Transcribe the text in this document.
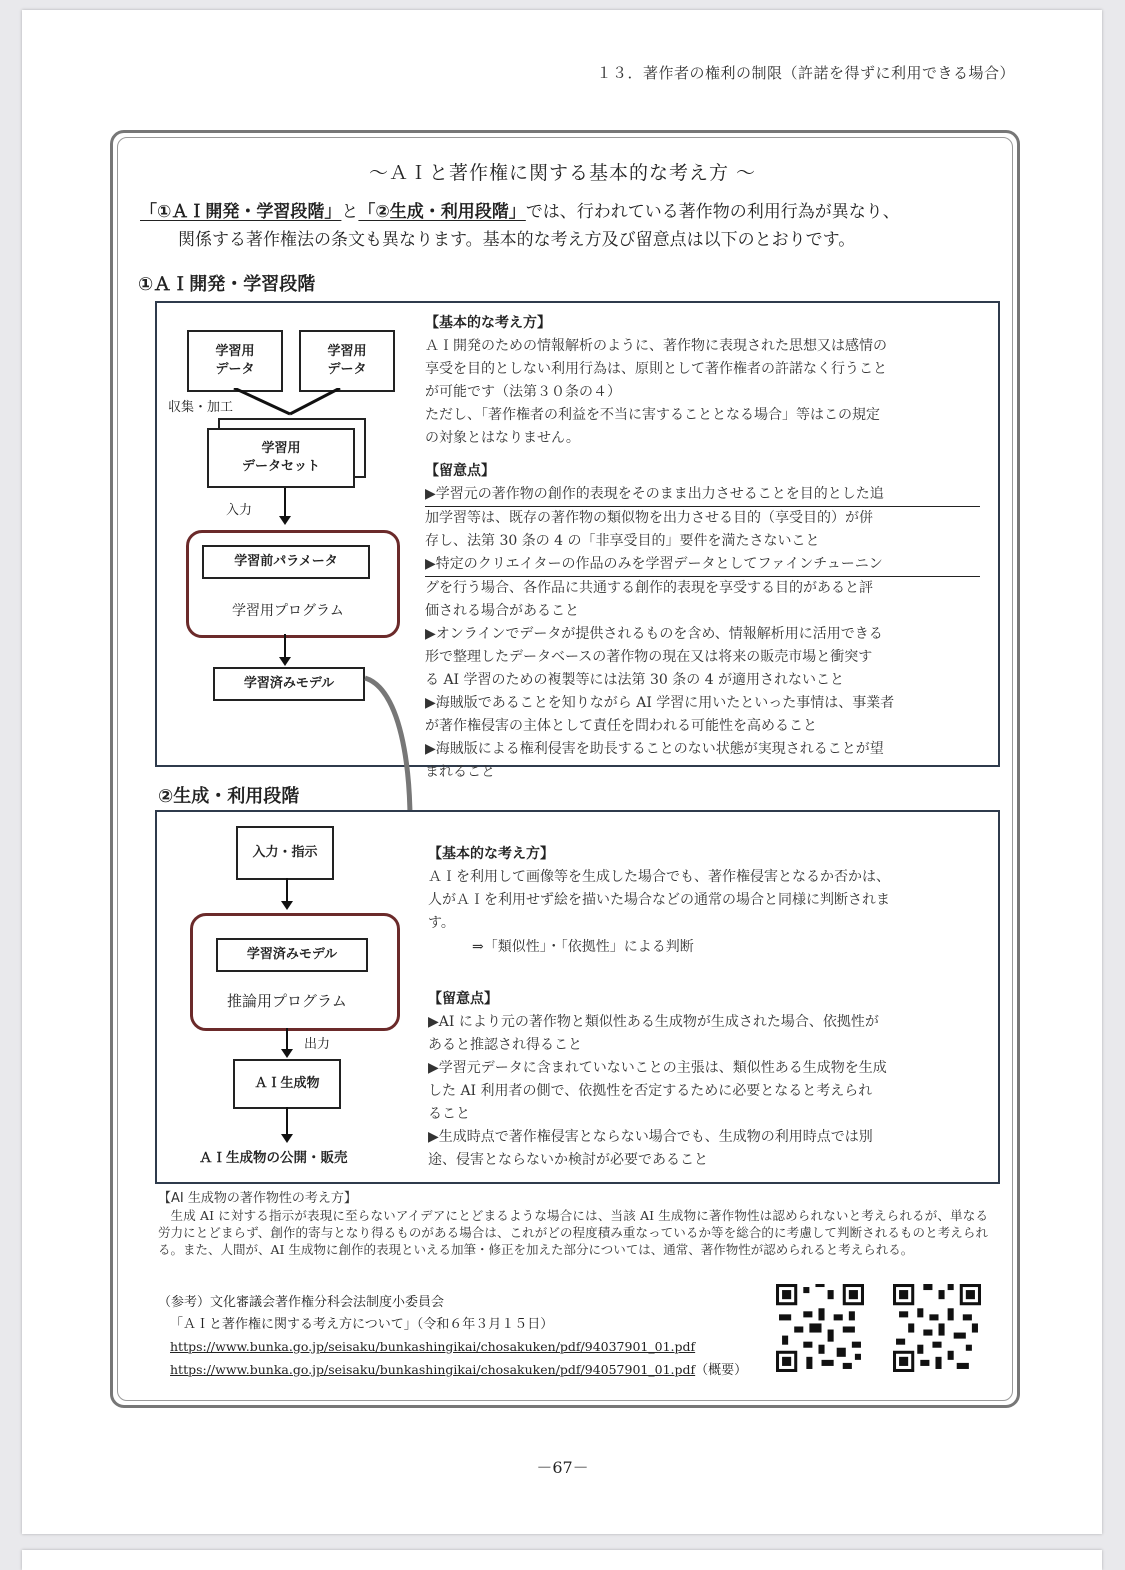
１３．著作者の権利の制限（許諾を得ずに利用できる場合）
～ＡＩと著作権に関する基本的な考え方 ～
「①ＡＩ開発・学習段階」と「②生成・利用段階」では、行われている著作物の利用行為が異なり、
関係する著作権法の条文も異なります。基本的な考え方及び留意点は以下のとおりです。
①ＡＩ開発・学習段階
学習用
データ
学習用
データ
収集・加工
学習用
データセット
入力
学習前パラメータ
学習用プログラム
学習済みモデル

【基本的な考え方】

ＡＩ開発のための情報解析のように、著作物に表現された思想又は感情の

享受を目的としない利用行為は、原則として著作権者の許諾なく行うこと

が可能です（法第３０条の４）

ただし、「著作権者の利益を不当に害することとなる場合」等はこの規定

の対象とはなりません。

【留意点】

▶学習元の著作物の創作的表現をそのまま出力させることを目的とした追

加学習等は、既存の著作物の類似物を出力させる目的（享受目的）が併

存し、法第 30 条の 4 の「非享受目的」要件を満たさないこと

▶特定のクリエイターの作品のみを学習データとしてファインチューニン

グを行う場合、各作品に共通する創作的表現を享受する目的があると評

価される場合があること

▶オンラインでデータが提供されるものを含め、情報解析用に活用できる

形で整理したデータベースの著作物の現在又は将来の販売市場と衝突す

る AI 学習のための複製等には法第 30 条の 4 が適用されないこと

▶海賊版であることを知りながら AI 学習に用いたといった事情は、事業者

が著作権侵害の主体として責任を問われる可能性を高めること

▶海賊版による権利侵害を助長することのない状態が実現されることが望

まれること

②生成・利用段階
入力・指示
学習済みモデル
推論用プログラム
出力
ＡＩ生成物
ＡＩ生成物の公開・販売

【基本的な考え方】

ＡＩを利用して画像等を生成した場合でも、著作権侵害となるか否かは、

人がＡＩを利用せず絵を描いた場合などの通常の場合と同様に判断されま

す。

⇒「類似性」・「依拠性」による判断

【留意点】

▶AI により元の著作物と類似性ある生成物が生成された場合、依拠性が

あると推認され得ること

▶学習元データに含まれていないことの主張は、類似性ある生成物を生成

した AI 利用者の側で、依拠性を否定するために必要となると考えられ

ること

▶生成時点で著作権侵害とならない場合でも、生成物の利用時点では別

途、侵害とならないか検討が必要であること

【AI 生成物の著作物性の考え方】
生成 AI に対する指示が表現に至らないアイデアにとどまるような場合には、当該 AI 生成物に著作物性は認められないと考えられるが、単なる労力にとどまらず、創作的寄与となり得るものがある場合は、これがどの程度積み重なっているか等を総合的に考慮して判断されるものと考えられる。また、人間が、AI 生成物に創作的表現といえる加筆・修正を加えた部分については、通常、著作物性が認められると考えられる。
（参考）文化審議会著作権分科会法制度小委員会
「ＡＩと著作権に関する考え方について」（令和６年３月１５日）
https://www.bunka.go.jp/seisaku/bunkashingikai/chosakuken/pdf/94037901_01.pdf
https://www.bunka.go.jp/seisaku/bunkashingikai/chosakuken/pdf/94057901_01.pdf（概要）
－67－
